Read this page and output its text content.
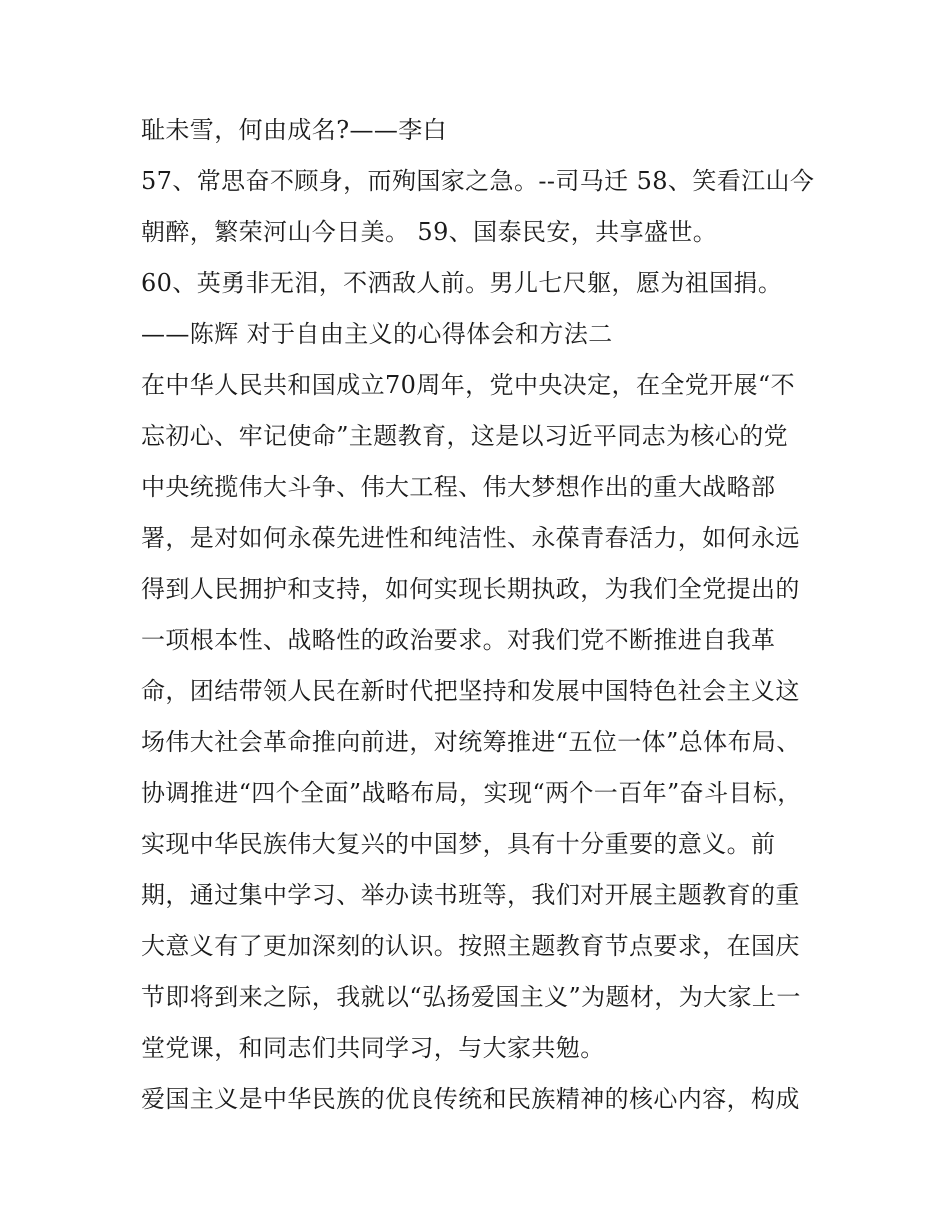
耻未雪，何由成名?——李白
57、常思奋不顾身，而殉国家之急。--司马迁 58、笑看江山今
朝醉，繁荣河山今日美。 59、国泰民安，共享盛世。
60、英勇非无泪，不洒敌人前。男儿七尺躯，愿为祖国捐。
——陈辉 对于自由主义的心得体会和方法二
在中华人民共和国成立70周年，党中央决定，在全党开展“不
忘初心、牢记使命”主题教育，这是以习近平同志为核心的党
中央统揽伟大斗争、伟大工程、伟大梦想作出的重大战略部
署，是对如何永葆先进性和纯洁性、永葆青春活力，如何永远
得到人民拥护和支持，如何实现长期执政，为我们全党提出的
一项根本性、战略性的政治要求。对我们党不断推进自我革
命，团结带领人民在新时代把坚持和发展中国特色社会主义这
场伟大社会革命推向前进，对统筹推进“五位一体”总体布局、
协调推进“四个全面”战略布局，实现“两个一百年”奋斗目标，
实现中华民族伟大复兴的中国梦，具有十分重要的意义。前
期，通过集中学习、举办读书班等，我们对开展主题教育的重
大意义有了更加深刻的认识。按照主题教育节点要求，在国庆
节即将到来之际，我就以“弘扬爱国主义”为题材，为大家上一
堂党课，和同志们共同学习，与大家共勉。
爱国主义是中华民族的优良传统和民族精神的核心内容，构成
